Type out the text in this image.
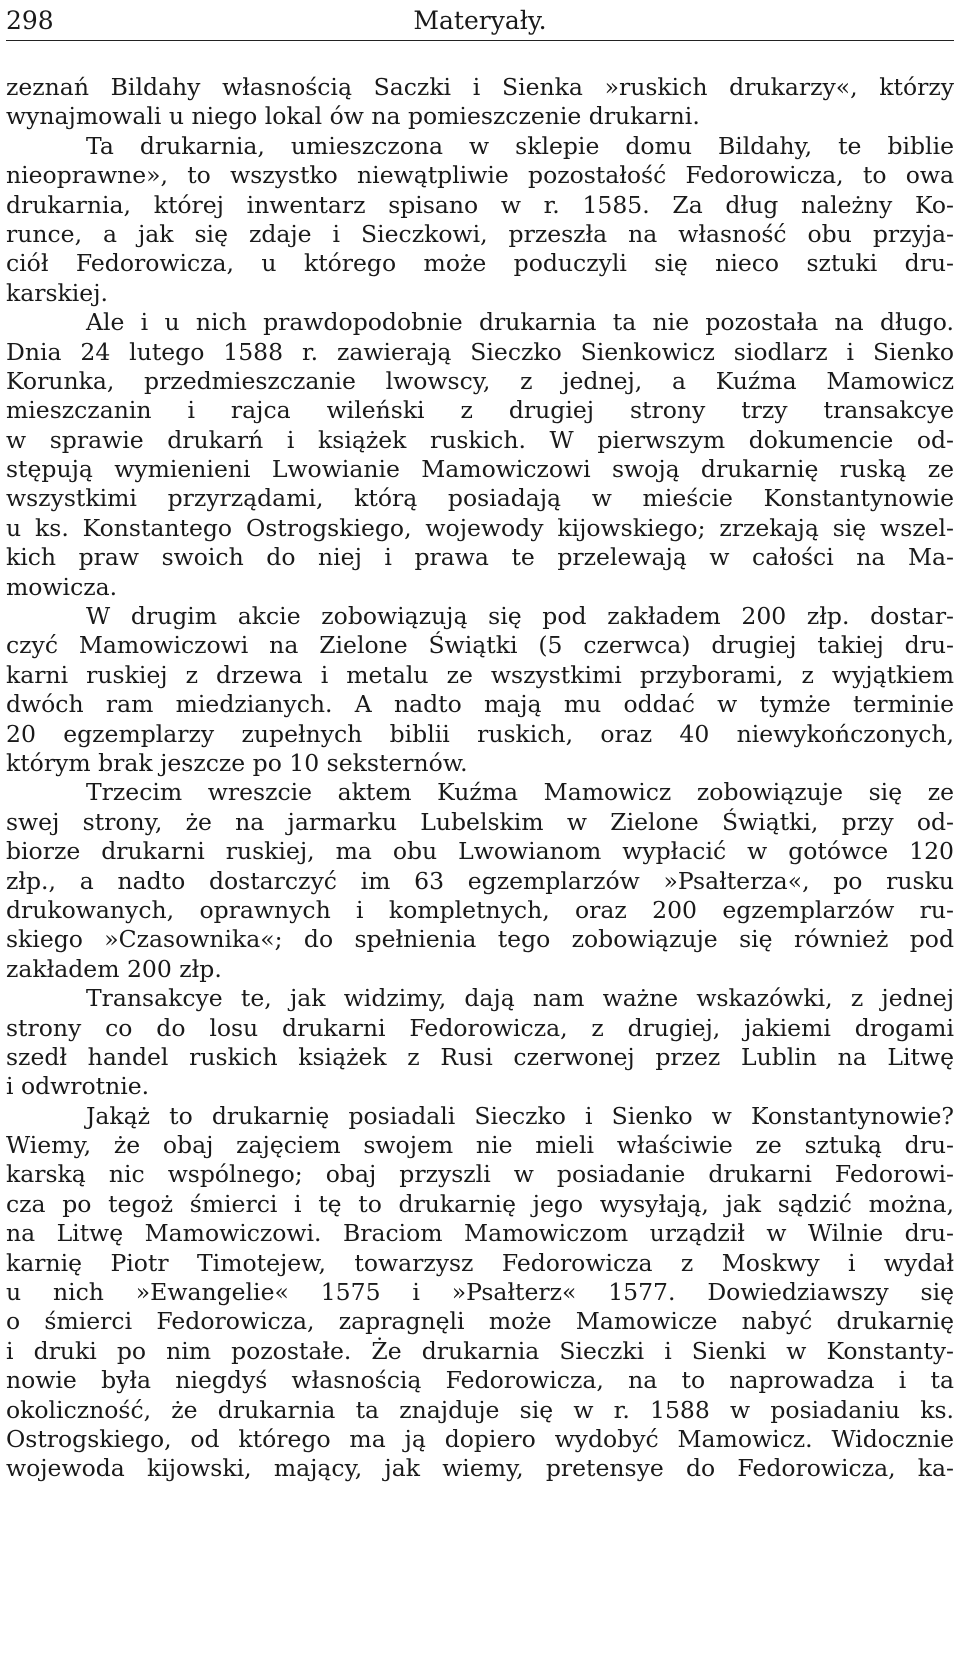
298	Materyały.
zeznań Bildahy własnością Saczki i Sienka »ruskich drukarzy«, którzy
wynajmowali u niego lokal ów na pomieszczenie drukarni.
Ta drukarnia, umieszczona w sklepie domu Bildahy, te biblie
nieoprawne», to wszystko niewątpliwie pozostałość Fedorowicza, to owa
drukarnia, której inwentarz spisano w r. 1585. Za dług należny Ko-
runce, a jak się zdaje i Sieczkowi, przeszła na własność obu przyja-
ciół Fedorowicza, u którego może poduczyli się nieco sztuki dru-
karskiej.
Ale i u nich prawdopodobnie drukarnia ta nie pozostała na długo.
Dnia 24 lutego 1588 r. zawierają Sieczko Sienkowicz siodlarz i Sienko
Korunka, przedmieszczanie lwowscy, z jednej, a Kuźma Mamowicz
mieszczanin i rajca wileński z drugiej strony trzy transakcye
w sprawie drukarń i książek ruskich. W pierwszym dokumencie od-
stępują wymienieni Lwowianie Mamowiczowi swoją drukarnię ruską ze
wszystkimi przyrządami, którą posiadają w mieście Konstantynowie
u ks. Konstantego Ostrogskiego, wojewody kijowskiego; zrzekają się wszel-
kich praw swoich do niej i prawa te przelewają w całości na Ma-
mowicza.
W drugim akcie zobowiązują się pod zakładem 200 złp. dostar-
czyć Mamowiczowi na Zielone Świątki (5 czerwca) drugiej takiej dru-
karni ruskiej z drzewa i metalu ze wszystkimi przyborami, z wyjątkiem
dwóch ram miedzianych. A nadto mają mu oddać w tymże terminie
20 egzemplarzy zupełnych biblii ruskich, oraz 40 niewykończonych,
którym brak jeszcze po 10 seksternów.
Trzecim wreszcie aktem Kuźma Mamowicz zobowiązuje się ze
swej strony, że na jarmarku Lubelskim w Zielone Świątki, przy od-
biorze drukarni ruskiej, ma obu Lwowianom wypłacić w gotówce 120
złp., a nadto dostarczyć im 63 egzemplarzów »Psałterza«, po rusku
drukowanych, oprawnych i kompletnych, oraz 200 egzemplarzów ru-
skiego »Czasownika«; do spełnienia tego zobowiązuje się również pod
zakładem 200 złp.
Transakcye te, jak widzimy, dają nam ważne wskazówki, z jednej
strony co do losu drukarni Fedorowicza, z drugiej, jakiemi drogami
szedł handel ruskich książek z Rusi czerwonej przez Lublin na Litwę
i odwrotnie.
Jakąż to drukarnię posiadali Sieczko i Sienko w Konstantynowie?
Wiemy, że obaj zajęciem swojem nie mieli właściwie ze sztuką dru-
karską nic wspólnego; obaj przyszli w posiadanie drukarni Fedorowi-
cza po tegoż śmierci i tę to drukarnię jego wysyłają, jak sądzić można,
na Litwę Mamowiczowi. Braciom Mamowiczom urządził w Wilnie dru-
karnię Piotr Timotejew, towarzysz Fedorowicza z Moskwy i wydał
u nich »Ewangelie« 1575 i »Psałterz« 1577. Dowiedziawszy się
o śmierci Fedorowicza, zapragnęli może Mamowicze nabyć drukarnię
i druki po nim pozostałe. Że drukarnia Sieczki i Sienki w Konstanty-
nowie była niegdyś własnością Fedorowicza, na to naprowadza i ta
okoliczność, że drukarnia ta znajduje się w r. 1588 w posiadaniu ks.
Ostrogskiego, od którego ma ją dopiero wydobyć Mamowicz. Widocznie
wojewoda kijowski, mający, jak wiemy, pretensye do Fedorowicza, ka-
